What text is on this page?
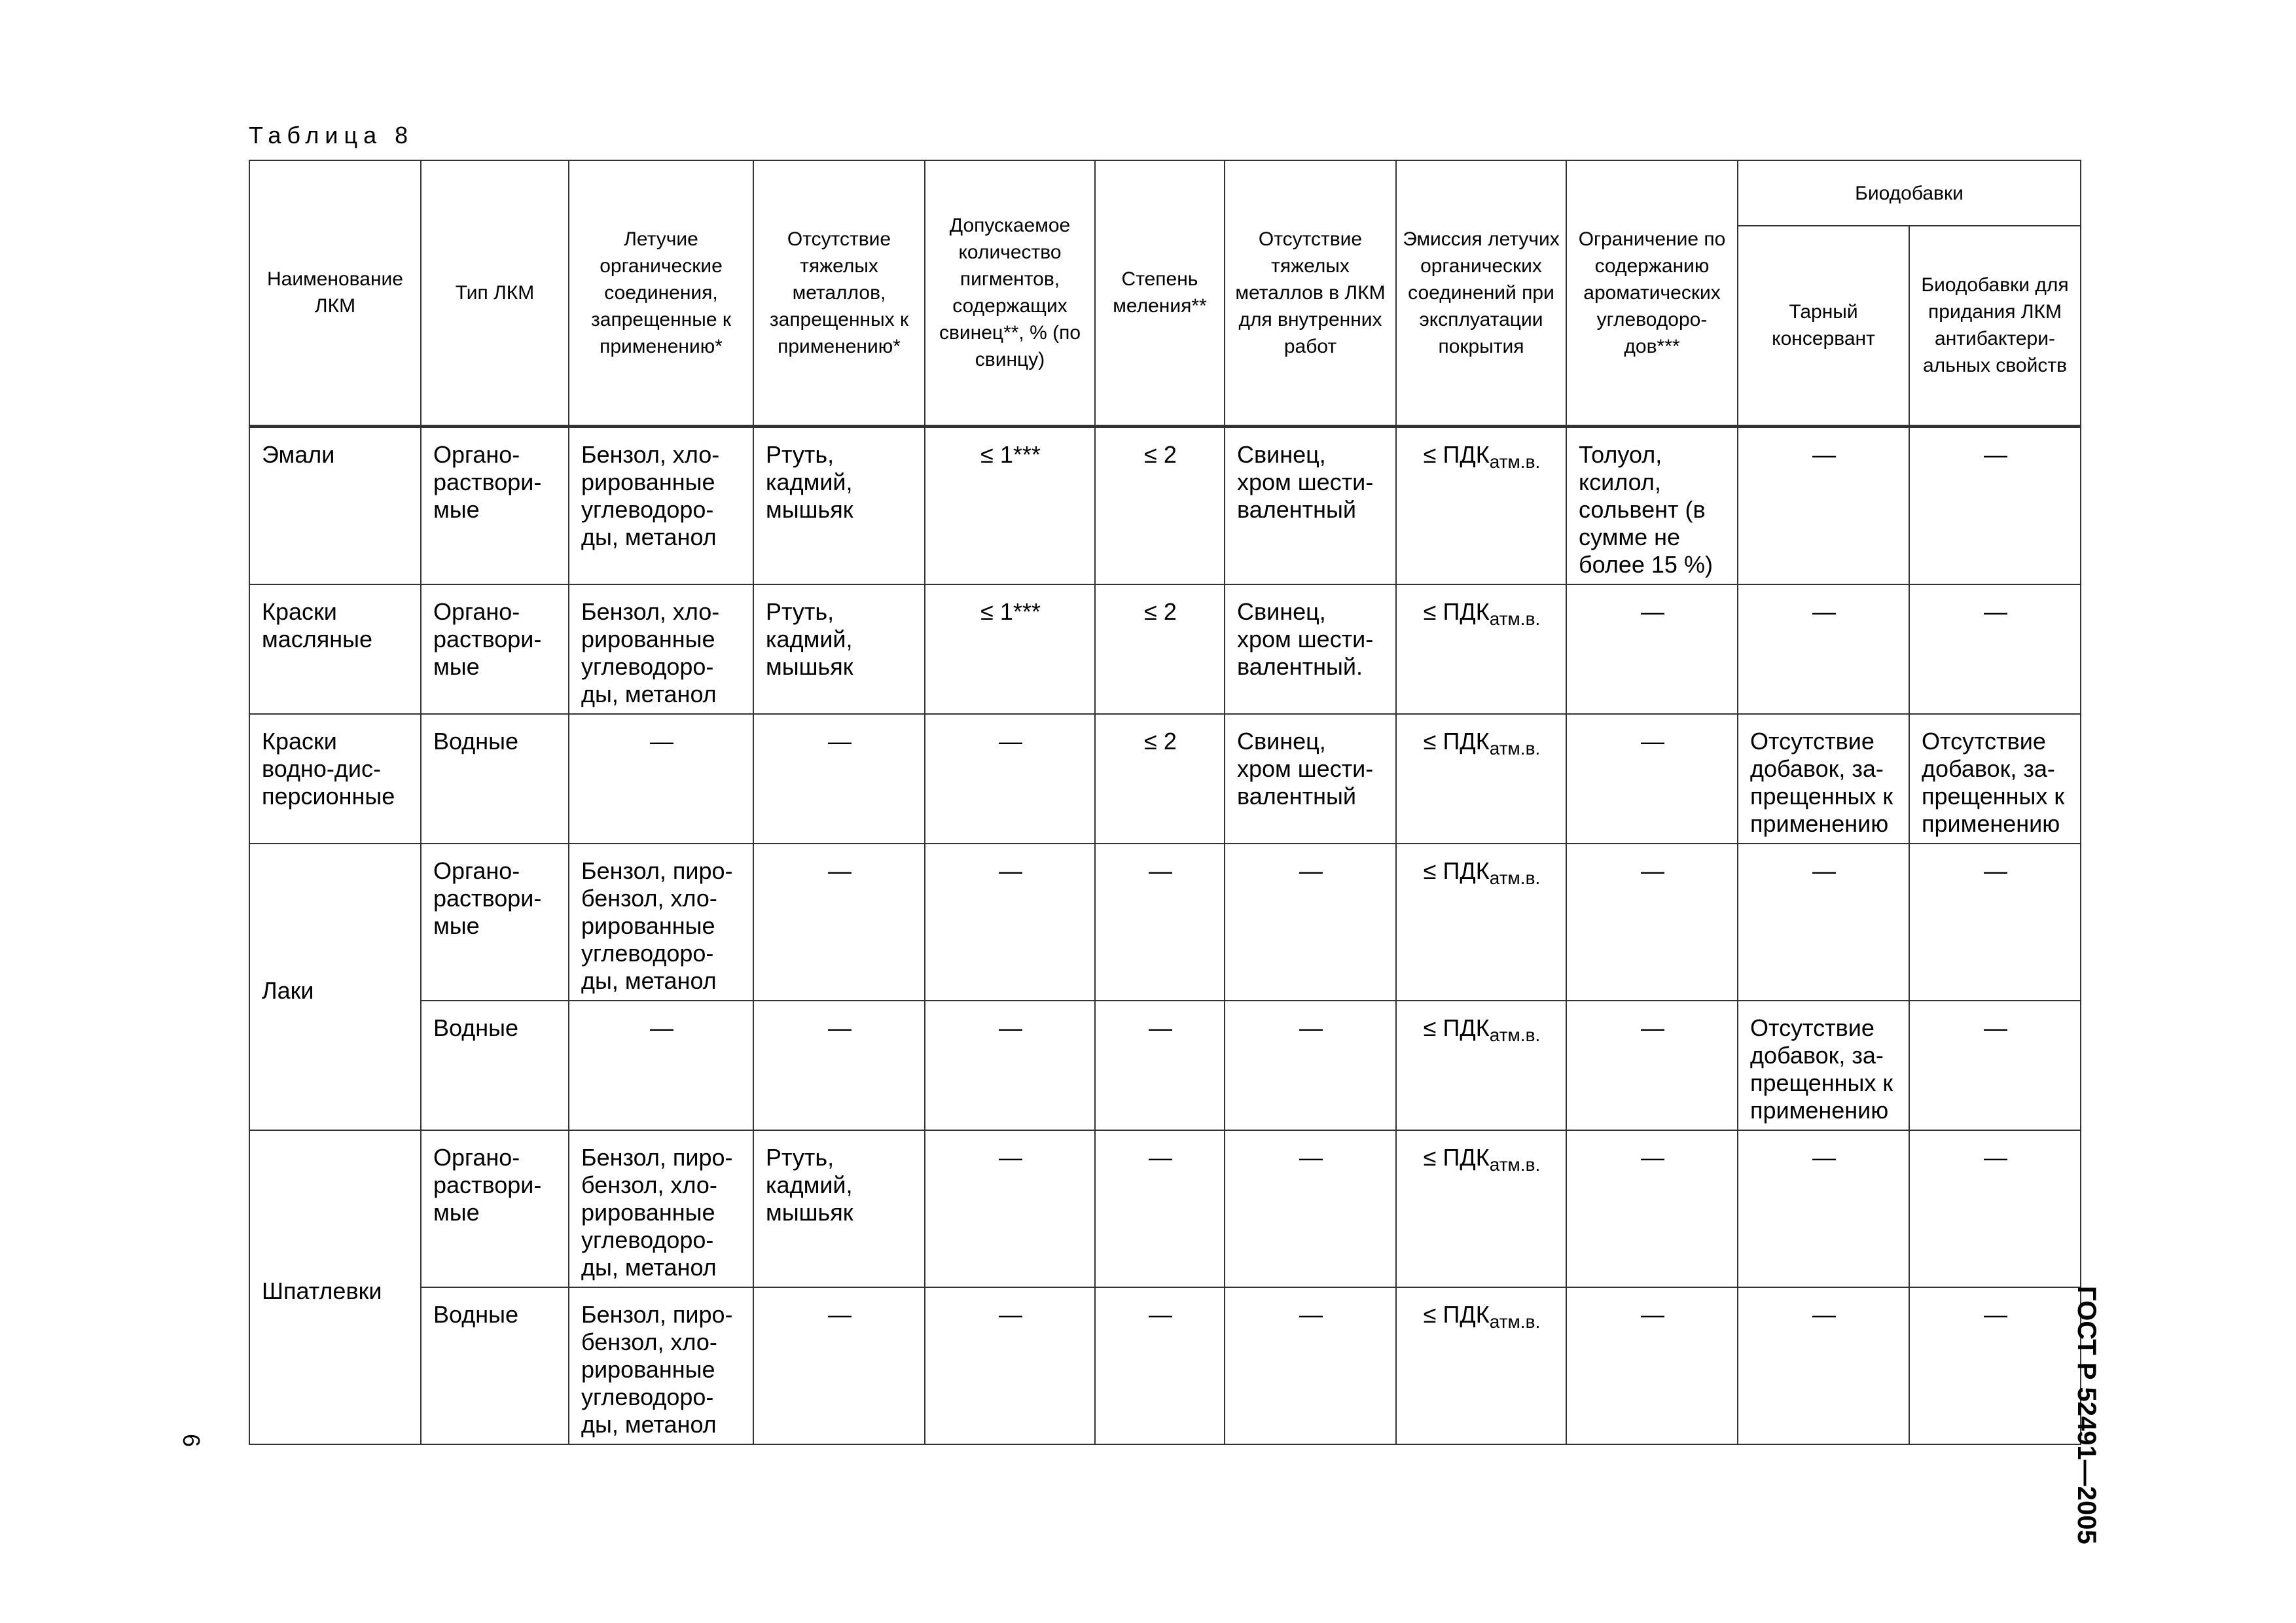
Таблица 8
Наименование ЛКМ	Тип ЛКМ	Летучие органические соединения, запрещенные к применению*	Отсутствие тяжелых металлов, запрещенных к применению*	Допускаемое количество пигментов, содержащих свинец**, % (по свинцу)	Степень меления**	Отсутствие тяжелых металлов в ЛКМ для внутренних работ	Эмиссия летучих органических соединений при эксплуатации покрытия	Ограничение по содержанию ароматических углеводоро-дов***	Биодобавки	
									Тарный консервант	Биодобавки для придания ЛКМ антибактери-альных свойств
Эмали	Органо-раствори-мые	Бензол, хло-рированные углеводоро-ды, метанол	Ртуть, кадмий, мышьяк	≤ 1***	≤ 2	Свинец, хром шести-валентный	≤ $ПДК_{атм.в.}$	Толуол, ксилол, сольвент (в сумме не более 15 %)	—	—
Краски масляные	Органо-раствори-мые	Бензол, хло-рированные углеводоро-ды, метанол	Ртуть, кадмий, мышьяк	≤ 1***	≤ 2	Свинец, хром шести-валентный.	≤ $ПДК_{атм.в.}$	—	—	—
Краски водно-дис-персионные	Водные	—	—	—	≤ 2	Свинец, хром шести-валентный	≤ $ПДК_{атм.в.}$	—	Отсутствие добавок, за-прещенных к применению	Отсутствие добавок, за-прещенных к применению
Лаки	Органо-раствори-мые	Бензол, пиро-бензол, хло-рированные углеводоро-ды, метанол	—	—	—	—	≤ $ПДК_{атм.в.}$	—	—	—
	Водные	—	—	—	—	—	≤ $ПДК_{атм.в.}$	—	Отсутствие добавок, за-прещенных к применению	—
Шпатлевки	Органо-раствори-мые	Бензол, пиро-бензол, хло-рированные углеводоро-ды, метанол	Ртуть, кадмий, мышьяк	—	—	—	≤ $ПДК_{атм.в.}$	—	—	—
	Водные	Бензол, пиро-бензол, хло-рированные углеводоро-ды, метанол	—	—	—	—	≤ $ПДК_{атм.в.}$	—	—	—
6	ГОСТ Р 52491—2005
